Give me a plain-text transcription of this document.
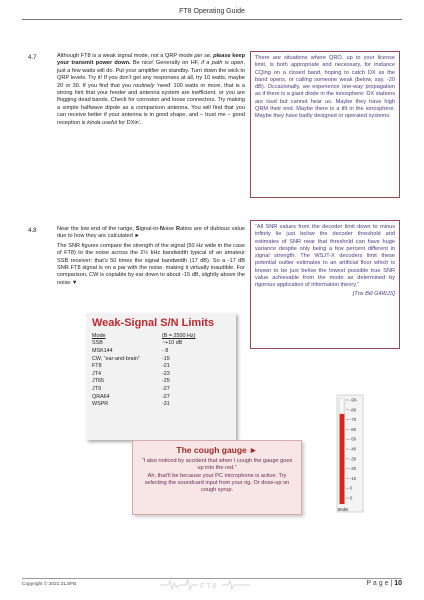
FT8 Operating Guide
4.7	Although FT8 is a weak signal mode, not a QRP mode per se, please keep your transmit power down. Be nice! Generally on HF, if a path is open, just a few watts will do. Put your amplifier on standby. Turn down the wick to QRP levels. Try it! If you don’t get any responses at all, try 10 watts, maybe 20 or 30. If you find that you routinely ‘need’ 100 watts or more, that is a strong hint that your feeder and antenna system are inefficient, or you are flogging dead bands. Check for corrosion and loose connectors. Try making a simple halfwave dipole as a comparison antenna. You will find that you can receive better if your antenna is in good shape, and – trust me – good reception is kinda useful for DXin’.
There are situations where QRO, up to your license limit, is both appropriate and necessary, for instance CQing on a closed band, hoping to catch DX as the band opens, or calling someone weak (below, say, -20 dB). Occasionally, we experience one-way propagation as if there is a giant diode in the ionosphere: DX stations are loud but cannot hear us. Maybe they have high QRM their end. Maybe there is a tilt in the ionosphere. Maybe they have badly designed or operated systems.
4.8	Near the low end of the range, Signal-to-Noise Ratios are of dubious value due to how they are calculated ►

The SNR figures compare the strength of the signal (50 Hz wide in the case of FT8) to the noise across the 2½ kHz bandwidth typical of an amateur SSB receiver: that’s 50 times the signal bandwidth (17 dB). So a -17 dB SNR FT8 signal is on a par with the noise, making it virtually inaudible. For comparison, CW is copiable by ear down to about -15 dB, slightly above the noise ▼

“All SNR values from the decoder limit down to minus infinity lie just below the decoder threshold and estimates of SNR near that threshold can have huge variance despite only being a few percent different in signal strength. The WSJT-X decoders limit these potential outlier estimates to an artificial floor which is known to be just below the lowest possible true SNR value achievable from the mode as determined by rigorous application of information theory.”
[Tnx Bill G4WJS]
Weak-Signal S/N Limits
Mode	(B = 2500 Hz)
SSB	~+10 dB
MSK144	- 8
CW, “ear-and-brain”	-15
FT8	-21
JT4	-23
JT65	-25
JT9	-27
QRA64	-27
WSPR	-31
-90-
-80
-70
-60
-50
-40
-30
-20
-10
0
0
90dB
The cough gauge ►
“I also noticed by accident that when I cough the gauge goes up into the red.”
Ah, that’ll be because your PC microphone is active. Try selecting the soundcard input from your rig. Or dose-up on cough syrup.
Copyright © 2021 ZL2iFB	F T 8	P a g e | 10
